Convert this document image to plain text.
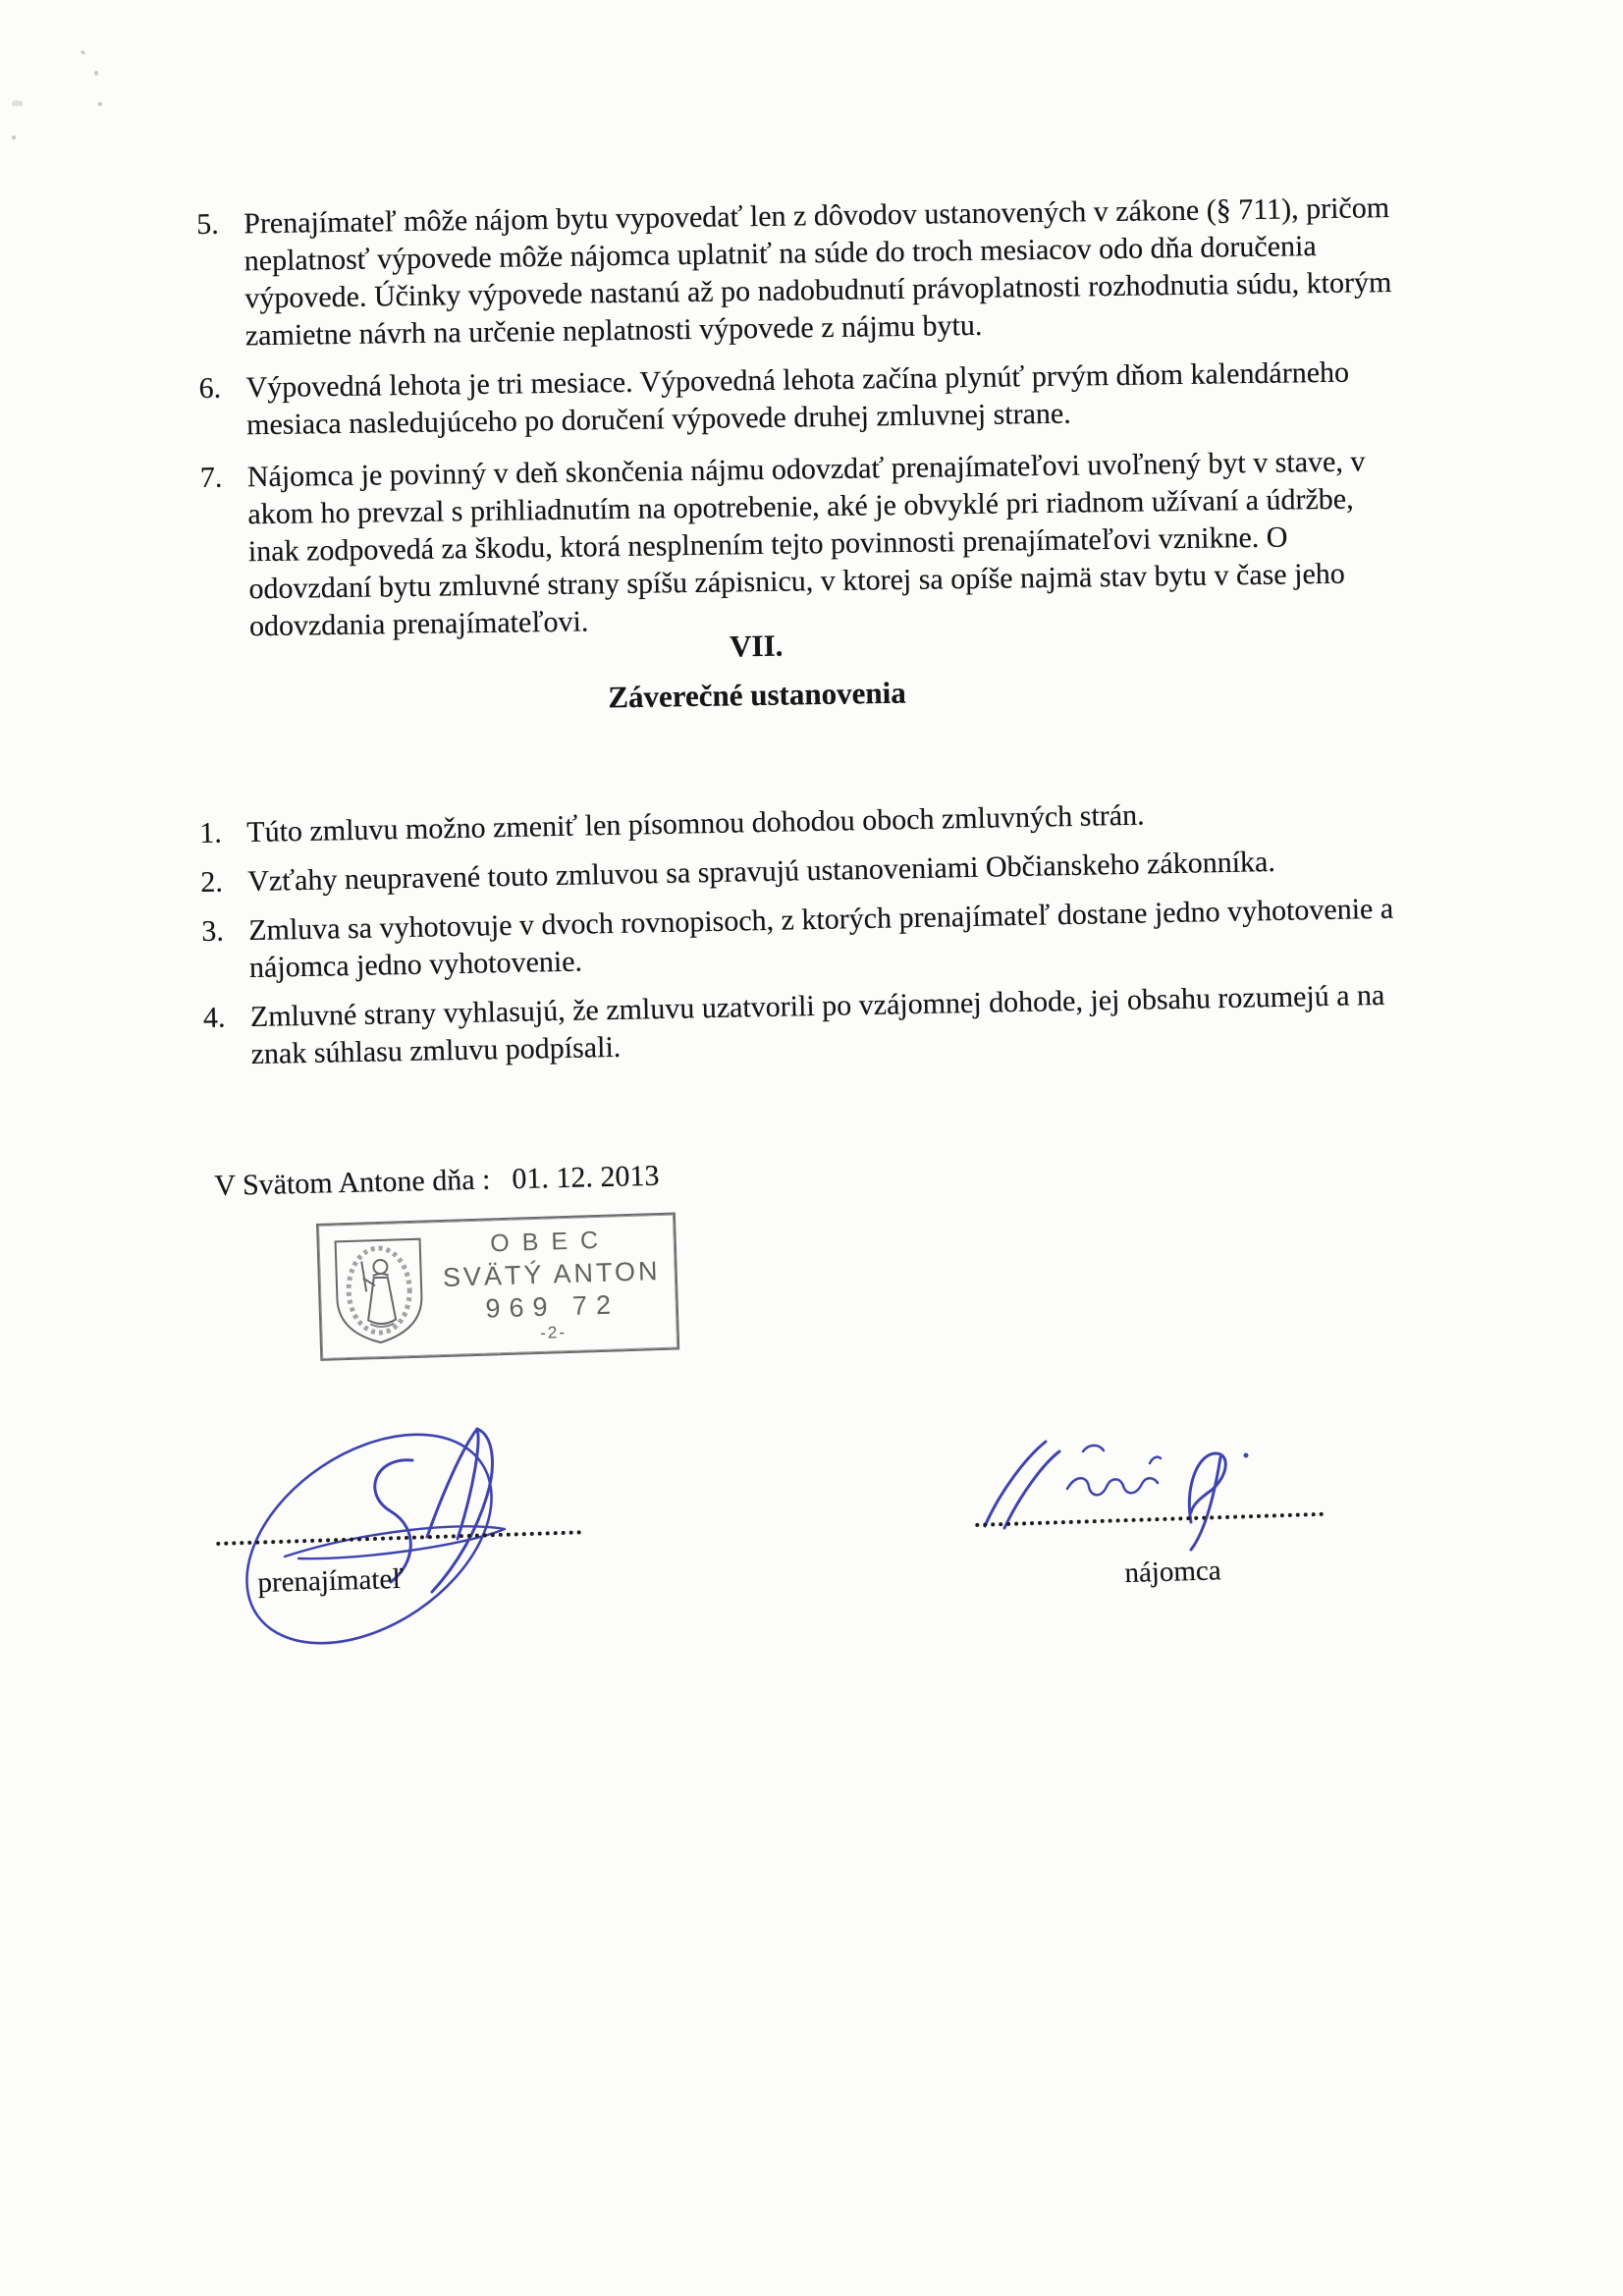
5. Prenajímateľ môže nájom bytu vypovedať len z dôvodov ustanovených v zákone (§ 711), pričom
neplatnosť výpovede môže nájomca uplatniť na súde do troch mesiacov odo dňa doručenia
výpovede. Účinky výpovede nastanú až po nadobudnutí právoplatnosti rozhodnutia súdu, ktorým
zamietne návrh na určenie neplatnosti výpovede z nájmu bytu.
6. Výpovedná lehota je tri mesiace. Výpovedná lehota začína plynúť prvým dňom kalendárneho
mesiaca nasledujúceho po doručení výpovede druhej zmluvnej strane.
7. Nájomca je povinný v deň skončenia nájmu odovzdať prenajímateľovi uvoľnený byt v stave, v
akom ho prevzal s prihliadnutím na opotrebenie, aké je obvyklé pri riadnom užívaní a údržbe,
inak zodpovedá za škodu, ktorá nesplnením tejto povinnosti prenajímateľovi vznikne. O
odovzdaní bytu zmluvné strany spíšu zápisnicu, v ktorej sa opíše najmä stav bytu v čase jeho
odovzdania prenajímateľovi.
VII.
Záverečné ustanovenia
1. Túto zmluvu možno zmeniť len písomnou dohodou oboch zmluvných strán.
2. Vzťahy neupravené touto zmluvou sa spravujú ustanoveniami Občianskeho zákonníka.
3. Zmluva sa vyhotovuje v dvoch rovnopisoch, z ktorých prenajímateľ dostane jedno vyhotovenie a
nájomca jedno vyhotovenie.
4. Zmluvné strany vyhlasujú, že zmluvu uzatvorili po vzájomnej dohode, jej obsahu rozumejú a na
znak súhlasu zmluvu podpísali.
V Svätom Antone dňa : 01. 12. 2013
OBEC
SVÄTÝ ANTON
969 72
-2-
prenajímateľ	nájomca
